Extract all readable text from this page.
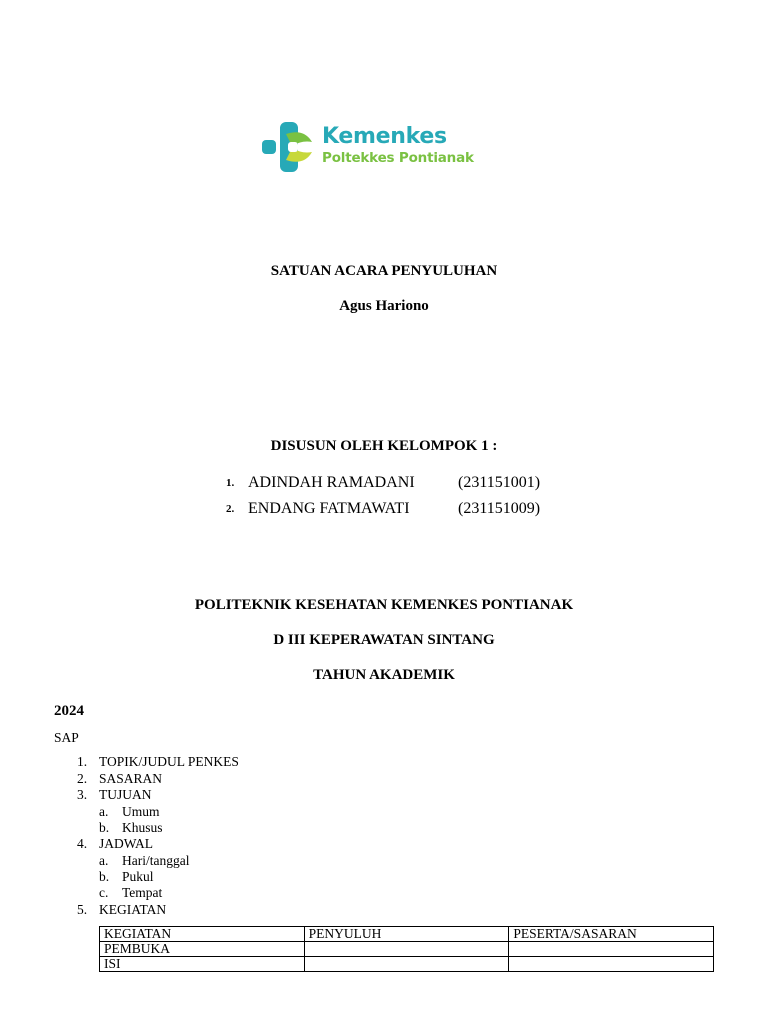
Kemenkes
Poltekkes Pontianak
SATUAN ACARA PENYULUHAN
Agus Hariono
DISUSUN OLEH KELOMPOK 1 :
1. ADINDAH RAMADANI	(231151001)
2. ENDANG FATMAWATI	(231151009)
POLITEKNIK KESEHATAN KEMENKES PONTIANAK
D III KEPERAWATAN SINTANG
TAHUN AKADEMIK
2024
SAP
1. TOPIK/JUDUL PENKES
2. SASARAN
3. TUJUAN
a. Umum
b. Khusus
4. JADWAL
a. Hari/tanggal
b. Pukul
c. Tempat
5. KEGIATAN
KEGIATAN	PENYULUH	PESERTA/SASARAN
PEMBUKA		
ISI		
